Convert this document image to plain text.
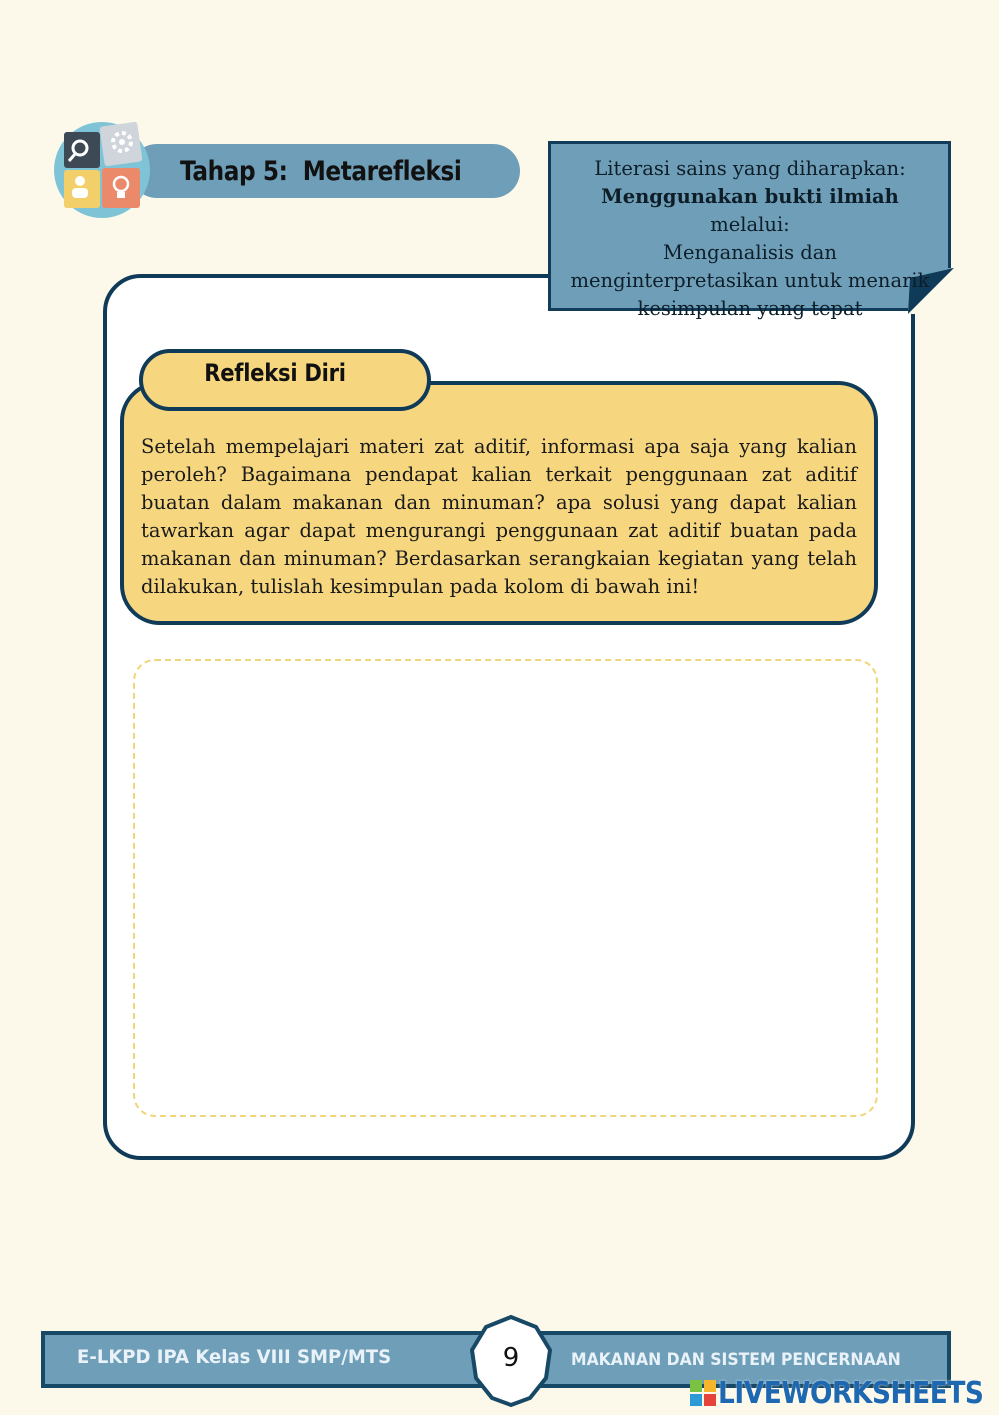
Tahap 5:  Metarefleksi	Literasi sains yang diharapkan:
Menggunakan bukti ilmiah melalui:
Menganalisis dan menginterpretasikan untuk menarik kesimpulan yang tepat
Refleksi Diri
Setelah mempelajari materi zat aditif, informasi apa saja yang kalian peroleh? Bagaimana pendapat kalian terkait penggunaan zat aditif buatan dalam makanan dan minuman? apa solusi yang dapat kalian tawarkan agar dapat mengurangi penggunaan zat aditif buatan pada makanan dan minuman? Berdasarkan serangkaian kegiatan yang telah dilakukan, tulislah kesimpulan pada kolom di bawah ini!
E-LKPD IPA Kelas VIII SMP/MTS	MAKANAN DAN SISTEM PENCERNAAN
9
LIVEWORKSHEETS
